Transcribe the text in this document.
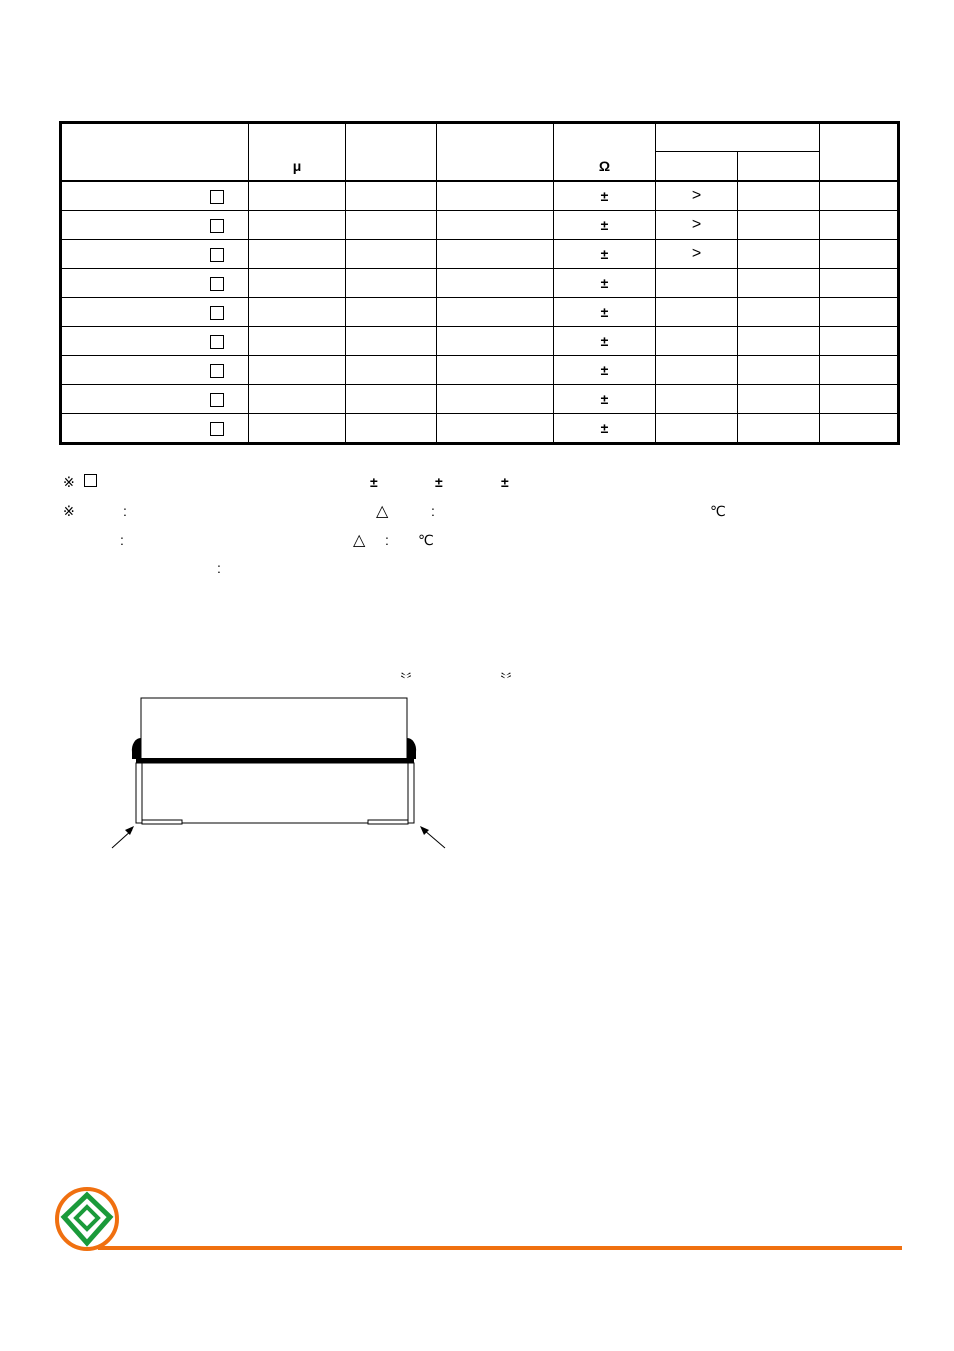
	μ			Ω			

				±	>		
				±	>		
				±	>		
				±			
				±			
				±			
				±			
				±			
				±			
※	±	±	±
※	:	△	:	℃
:	△ : ℃
:
〝〞	〝〞
